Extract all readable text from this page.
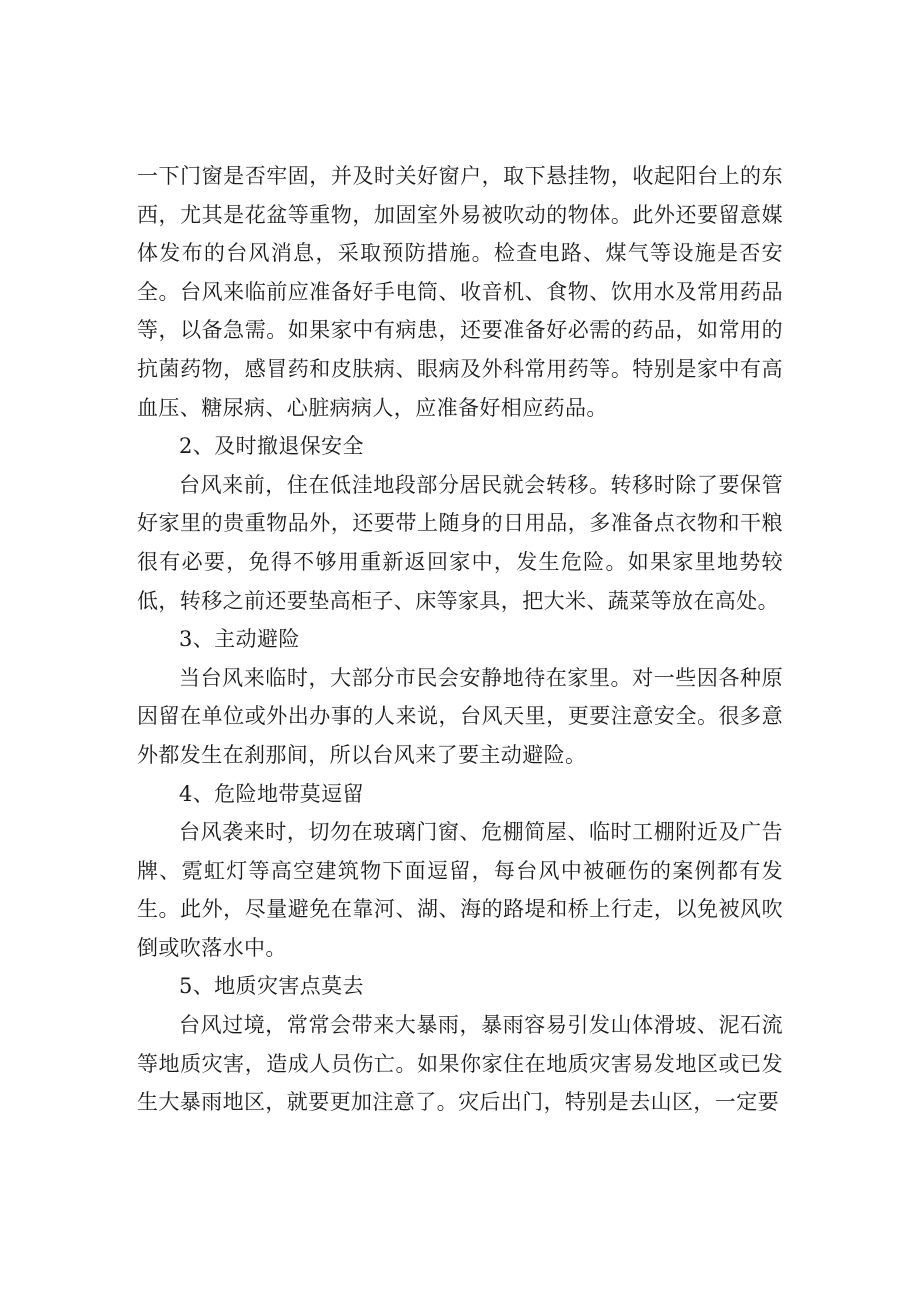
一下门窗是否牢固，并及时关好窗户，取下悬挂物，收起阳台上的东西，尤其是花盆等重物，加固室外易被吹动的物体。此外还要留意媒体发布的台风消息，采取预防措施。检查电路、煤气等设施是否安全。台风来临前应准备好手电筒、收音机、食物、饮用水及常用药品等，以备急需。如果家中有病患，还要准备好必需的药品，如常用的抗菌药物，感冒药和皮肤病、眼病及外科常用药等。特别是家中有高血压、糖尿病、心脏病病人，应准备好相应药品。

2、及时撤退保安全

台风来前，住在低洼地段部分居民就会转移。转移时除了要保管好家里的贵重物品外，还要带上随身的日用品，多准备点衣物和干粮很有必要，免得不够用重新返回家中，发生危险。如果家里地势较低，转移之前还要垫高柜子、床等家具，把大米、蔬菜等放在高处。

3、主动避险

当台风来临时，大部分市民会安静地待在家里。对一些因各种原因留在单位或外出办事的人来说，台风天里，更要注意安全。很多意外都发生在刹那间，所以台风来了要主动避险。

4、危险地带莫逗留

台风袭来时，切勿在玻璃门窗、危棚简屋、临时工棚附近及广告牌、霓虹灯等高空建筑物下面逗留，每台风中被砸伤的案例都有发生。此外，尽量避免在靠河、湖、海的路堤和桥上行走，以免被风吹倒或吹落水中。

5、地质灾害点莫去

台风过境，常常会带来大暴雨，暴雨容易引发山体滑坡、泥石流等地质灾害，造成人员伤亡。如果你家住在地质灾害易发地区或已发生大暴雨地区，就要更加注意了。灾后出门，特别是去山区，一定要
